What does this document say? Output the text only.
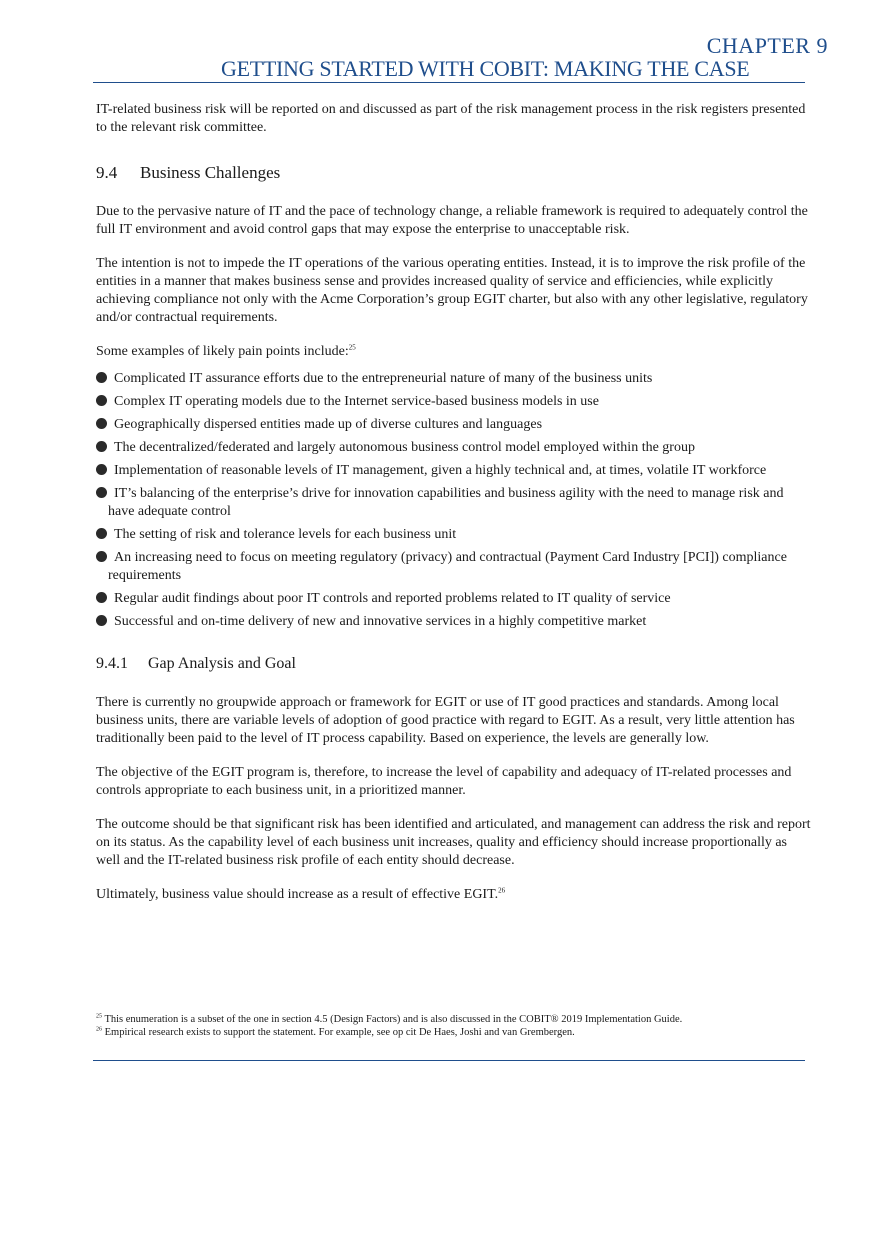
CHAPTER 9
GETTING STARTED WITH COBIT: MAKING THE CASE

IT-related business risk will be reported on and discussed as part of the risk management process in the risk registers presented to the relevant risk committee.

9.4 Business Challenges

Due to the pervasive nature of IT and the pace of technology change, a reliable framework is required to adequately control the full IT environment and avoid control gaps that may expose the enterprise to unacceptable risk.

The intention is not to impede the IT operations of the various operating entities. Instead, it is to improve the risk profile of the entities in a manner that makes business sense and provides increased quality of service and efficiencies, while explicitly achieving compliance not only with the Acme Corporation’s group EGIT charter, but also with any other legislative, regulatory and/or contractual requirements.

Some examples of likely pain points include:$^{25}$

Complicated IT assurance efforts due to the entrepreneurial nature of many of the business units
Complex IT operating models due to the Internet service-based business models in use
Geographically dispersed entities made up of diverse cultures and languages
The decentralized/federated and largely autonomous business control model employed within the group
Implementation of reasonable levels of IT management, given a highly technical and, at times, volatile IT workforce
IT’s balancing of the enterprise’s drive for innovation capabilities and business agility with the need to manage risk and have adequate control
The setting of risk and tolerance levels for each business unit
An increasing need to focus on meeting regulatory (privacy) and contractual (Payment Card Industry [PCI]) compliance requirements
Regular audit findings about poor IT controls and reported problems related to IT quality of service
Successful and on-time delivery of new and innovative services in a highly competitive market
9.4.1 Gap Analysis and Goal

There is currently no groupwide approach or framework for EGIT or use of IT good practices and standards. Among local business units, there are variable levels of adoption of good practice with regard to EGIT. As a result, very little attention has traditionally been paid to the level of IT process capability. Based on experience, the levels are generally low.

The objective of the EGIT program is, therefore, to increase the level of capability and adequacy of IT-related processes and controls appropriate to each business unit, in a prioritized manner.

The outcome should be that significant risk has been identified and articulated, and management can address the risk and report on its status. As the capability level of each business unit increases, quality and efficiency should increase proportionally as well and the IT-related business risk profile of each entity should decrease.

Ultimately, business value should increase as a result of effective EGIT.$^{26}$

$^{25}$ This enumeration is a subset of the one in section 4.5 (Design Factors) and is also discussed in the COBIT® 2019 Implementation Guide.
$^{26}$ Empirical research exists to support the statement. For example, see op cit De Haes, Joshi and van Grembergen.
